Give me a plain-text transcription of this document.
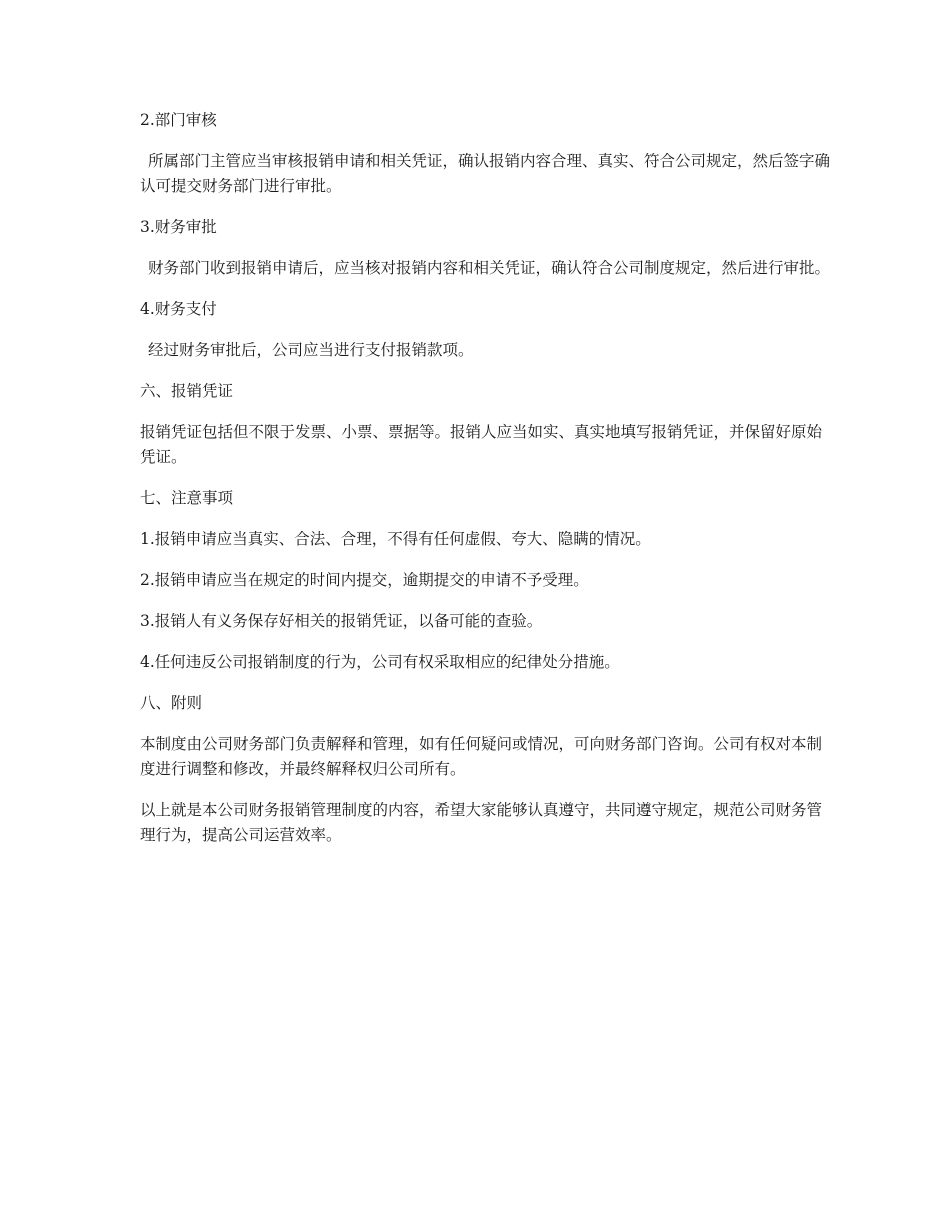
2.部门审核

所属部门主管应当审核报销申请和相关凭证，确认报销内容合理、真实、符合公司规定，然后签字确认可提交财务部门进行审批。

3.财务审批

财务部门收到报销申请后，应当核对报销内容和相关凭证，确认符合公司制度规定，然后进行审批。

4.财务支付

经过财务审批后，公司应当进行支付报销款项。

六、报销凭证

报销凭证包括但不限于发票、小票、票据等。报销人应当如实、真实地填写报销凭证，并保留好原始凭证。

七、注意事项

1.报销申请应当真实、合法、合理，不得有任何虚假、夸大、隐瞒的情况。

2.报销申请应当在规定的时间内提交，逾期提交的申请不予受理。

3.报销人有义务保存好相关的报销凭证，以备可能的查验。

4.任何违反公司报销制度的行为，公司有权采取相应的纪律处分措施。

八、附则

本制度由公司财务部门负责解释和管理，如有任何疑问或情况，可向财务部门咨询。公司有权对本制度进行调整和修改，并最终解释权归公司所有。

以上就是本公司财务报销管理制度的内容，希望大家能够认真遵守，共同遵守规定，规范公司财务管理行为，提高公司运营效率。
